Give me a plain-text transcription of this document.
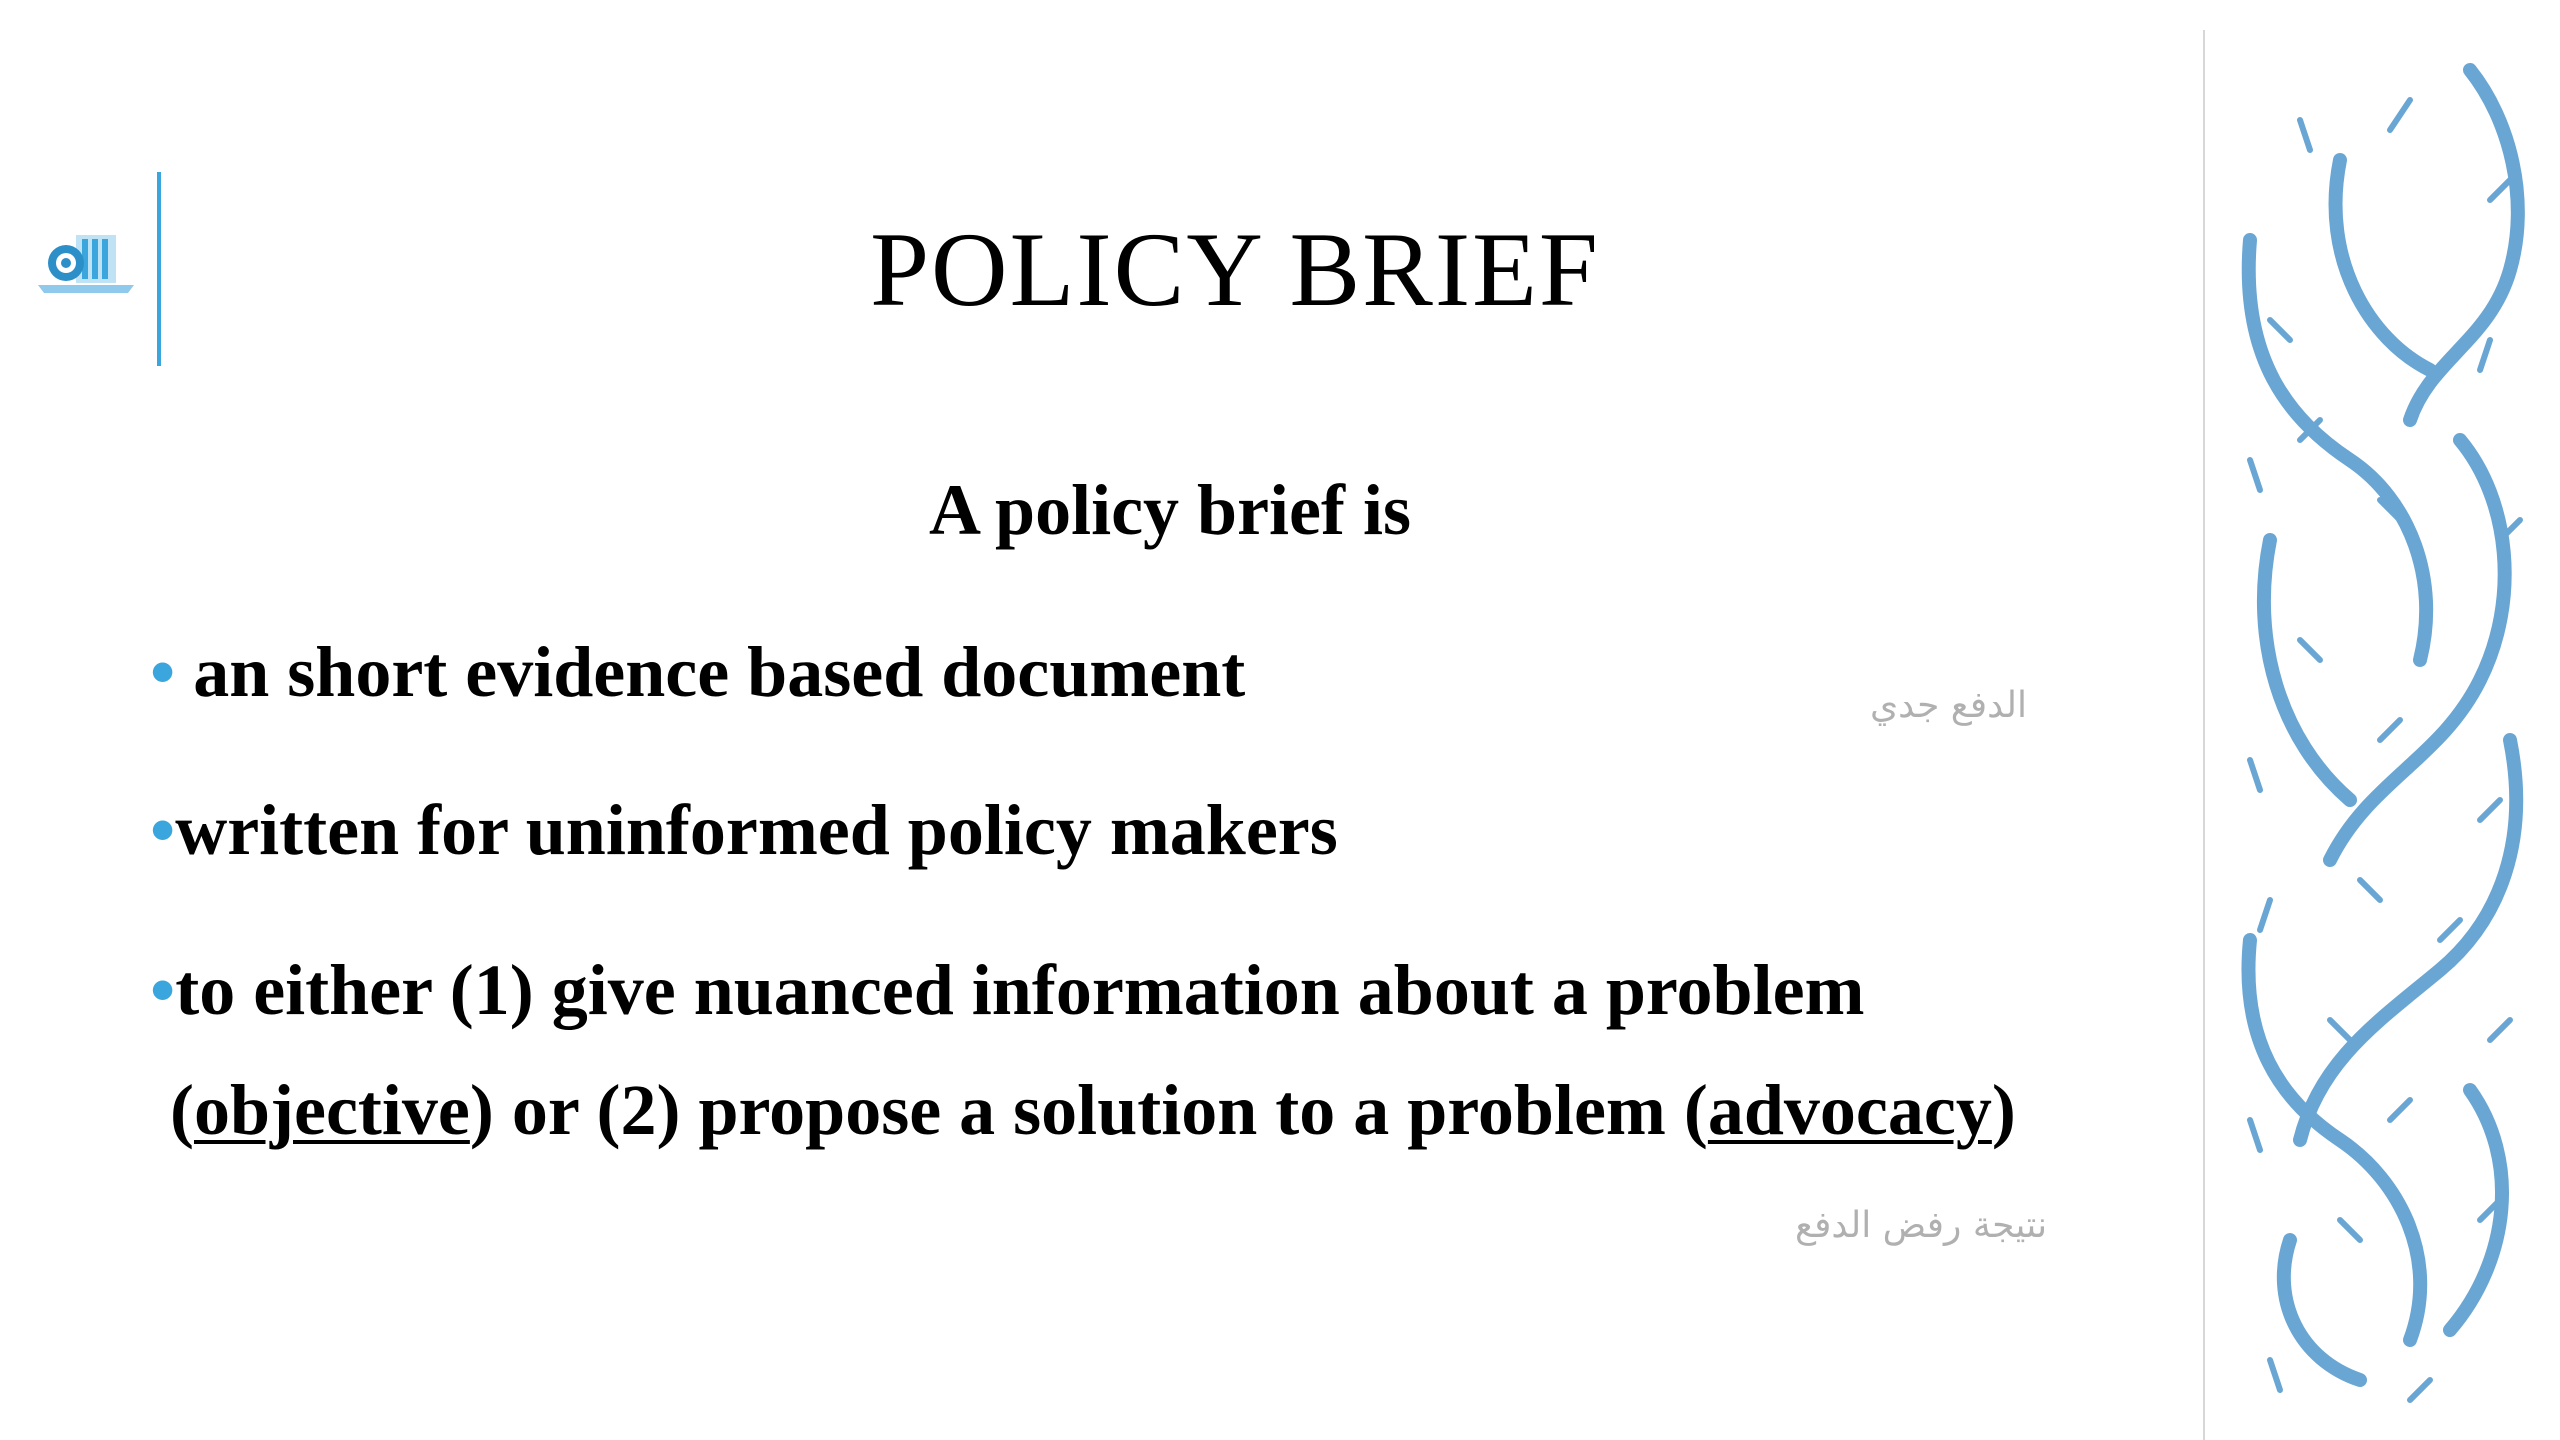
POLICY BRIEF
A policy brief is
• an short evidence based document
•written for uninformed policy makers
•to either (1) give nuanced information about a problem
(objective) or (2) propose a solution to a problem (advocacy)
الدفع جدي
نتيجة رفض الدفع
